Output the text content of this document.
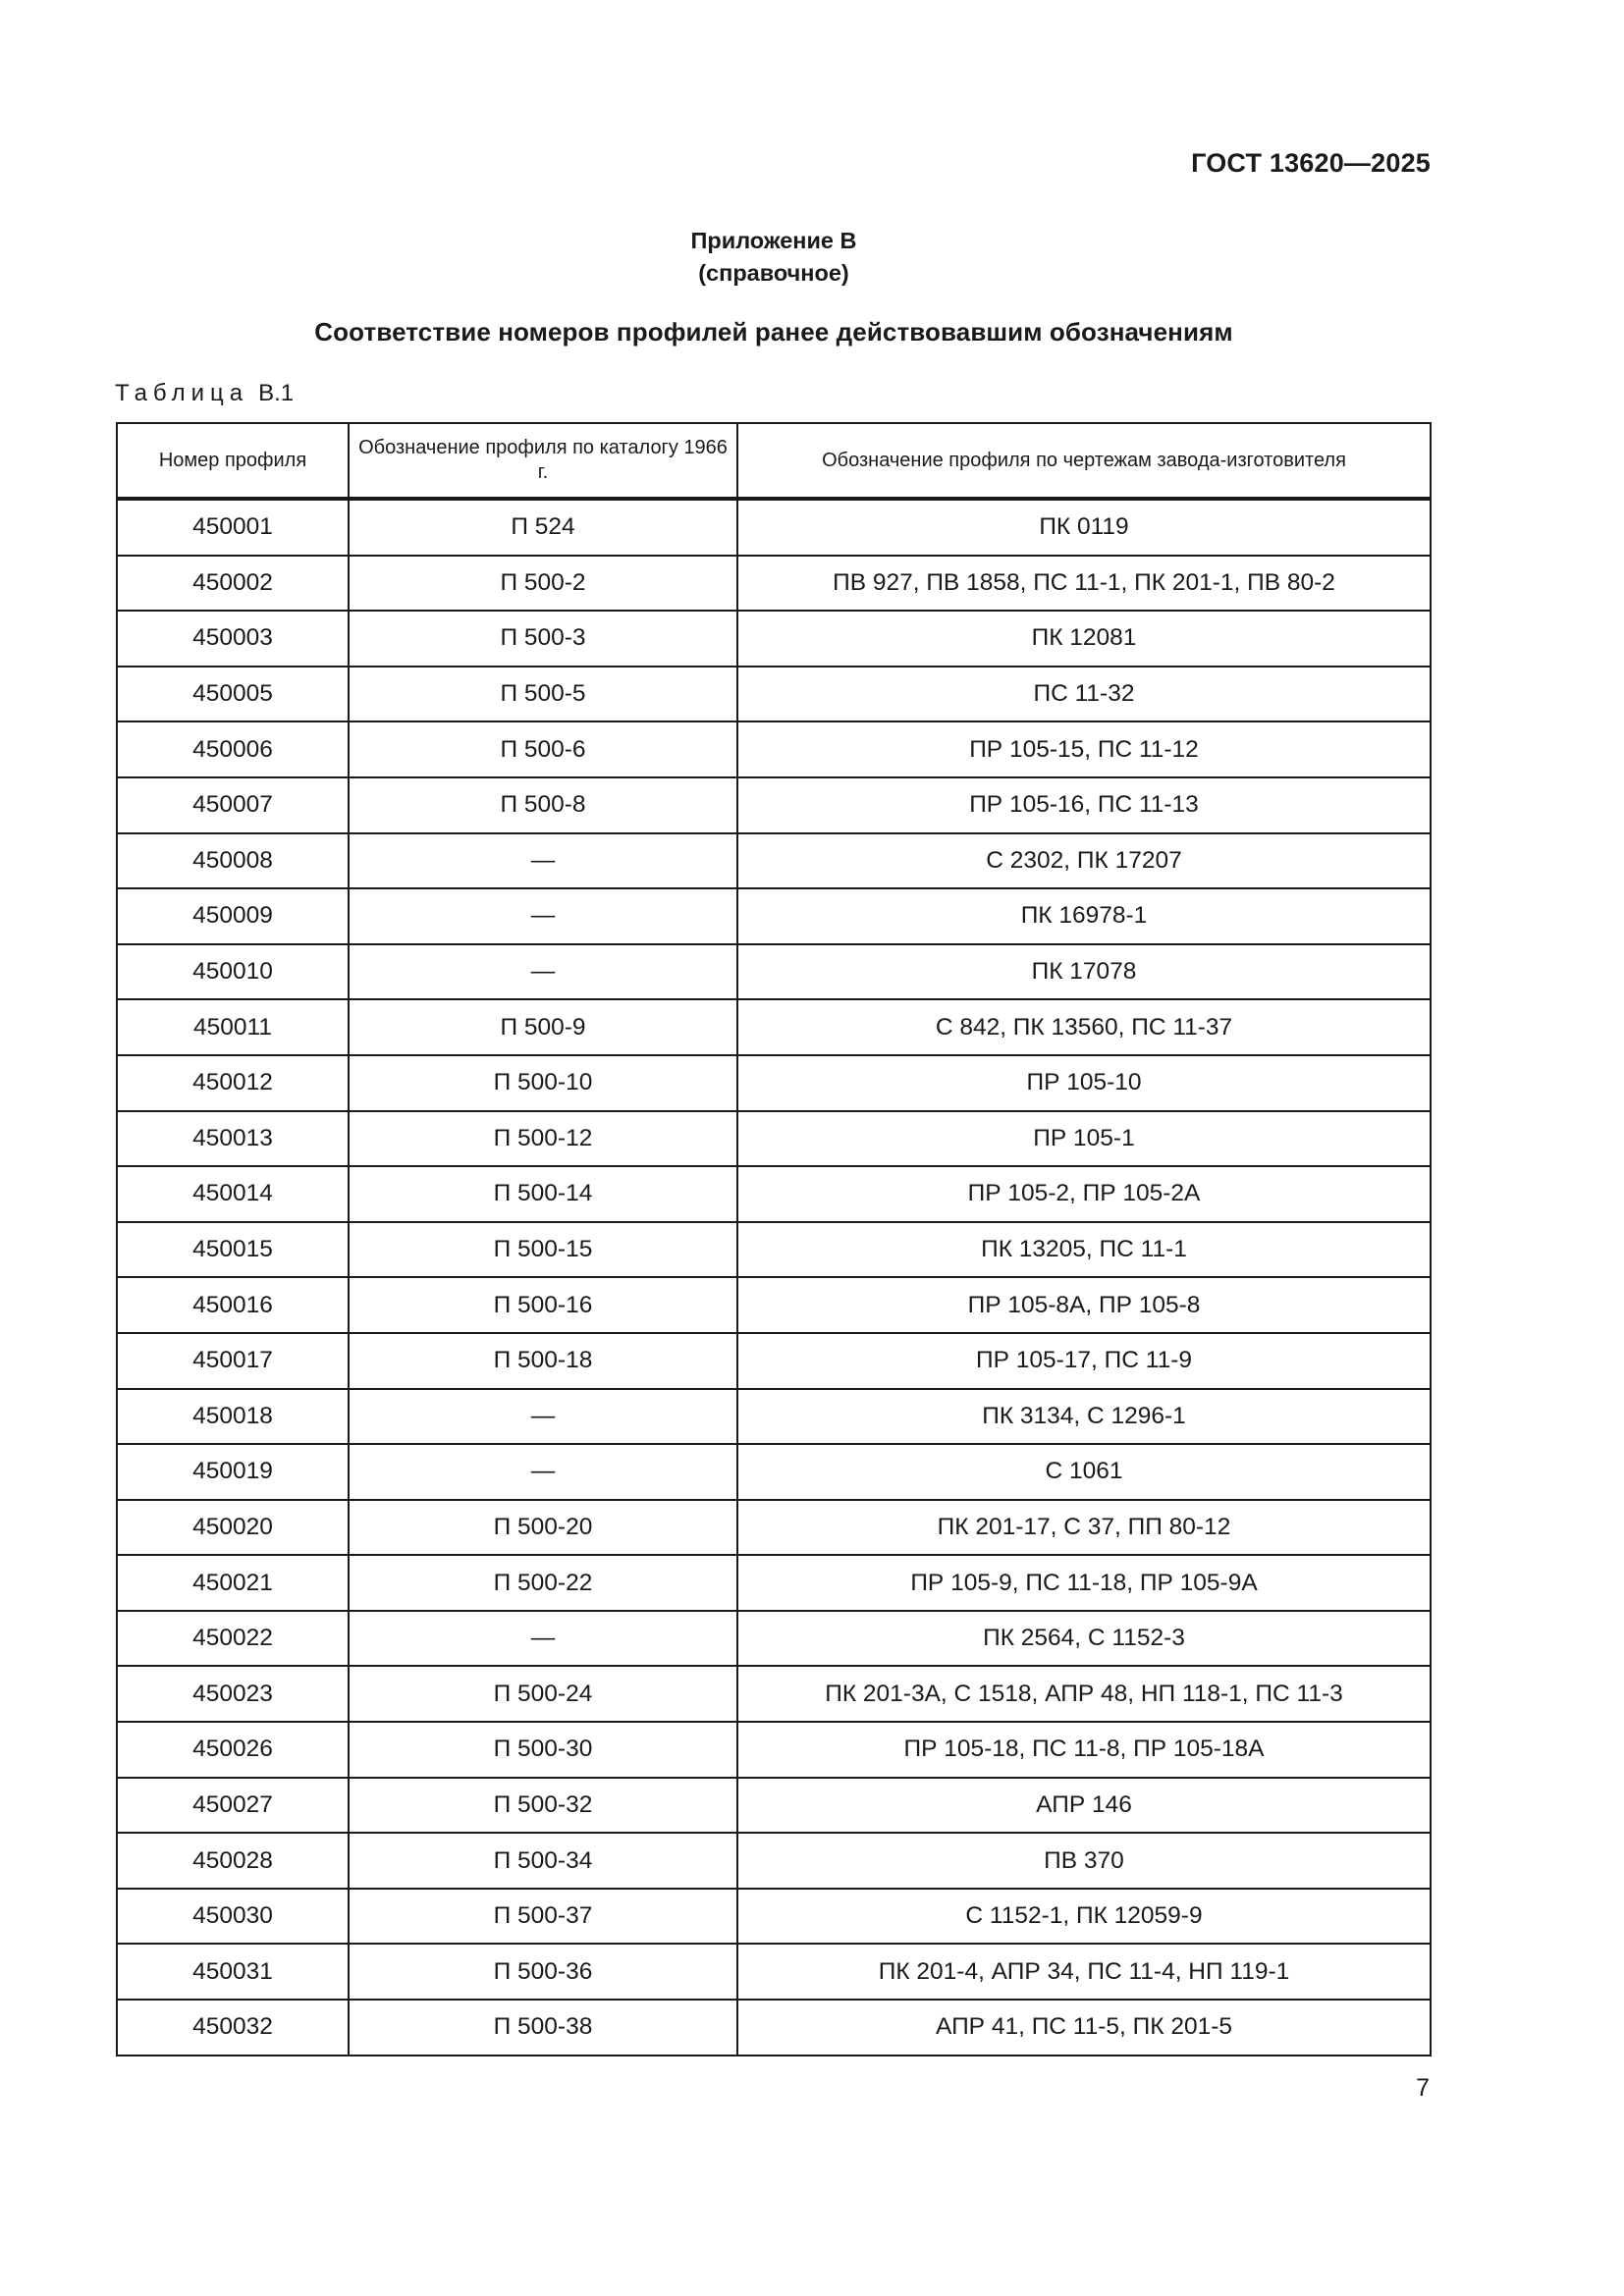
ГОСТ 13620—2025
Приложение В
(справочное)
Соответствие номеров профилей ранее действовавшим обозначениям
Таблица В.1
Номер профиля	Обозначение профиля по каталогу 1966 г.	Обозначение профиля по чертежам завода-изготовителя
450001	П 524	ПК 0119
450002	П 500-2	ПВ 927, ПВ 1858, ПС 11-1, ПК 201-1, ПВ 80-2
450003	П 500-3	ПК 12081
450005	П 500-5	ПС 11-32
450006	П 500-6	ПР 105-15, ПС 11-12
450007	П 500-8	ПР 105-16, ПС 11-13
450008	—	С 2302, ПК 17207
450009	—	ПК 16978-1
450010	—	ПК 17078
450011	П 500-9	С 842, ПК 13560, ПС 11-37
450012	П 500-10	ПР 105-10
450013	П 500-12	ПР 105-1
450014	П 500-14	ПР 105-2, ПР 105-2А
450015	П 500-15	ПК 13205, ПС 11-1
450016	П 500-16	ПР 105-8А, ПР 105-8
450017	П 500-18	ПР 105-17, ПС 11-9
450018	—	ПК 3134, С 1296-1
450019	—	С 1061
450020	П 500-20	ПК 201-17, С 37, ПП 80-12
450021	П 500-22	ПР 105-9, ПС 11-18, ПР 105-9А
450022	—	ПК 2564, С 1152-3
450023	П 500-24	ПК 201-3А, С 1518, АПР 48, НП 118-1, ПС 11-3
450026	П 500-30	ПР 105-18, ПС 11-8, ПР 105-18А
450027	П 500-32	АПР 146
450028	П 500-34	ПВ 370
450030	П 500-37	С 1152-1, ПК 12059-9
450031	П 500-36	ПК 201-4, АПР 34, ПС 11-4, НП 119-1
450032	П 500-38	АПР 41, ПС 11-5, ПК 201-5
7
